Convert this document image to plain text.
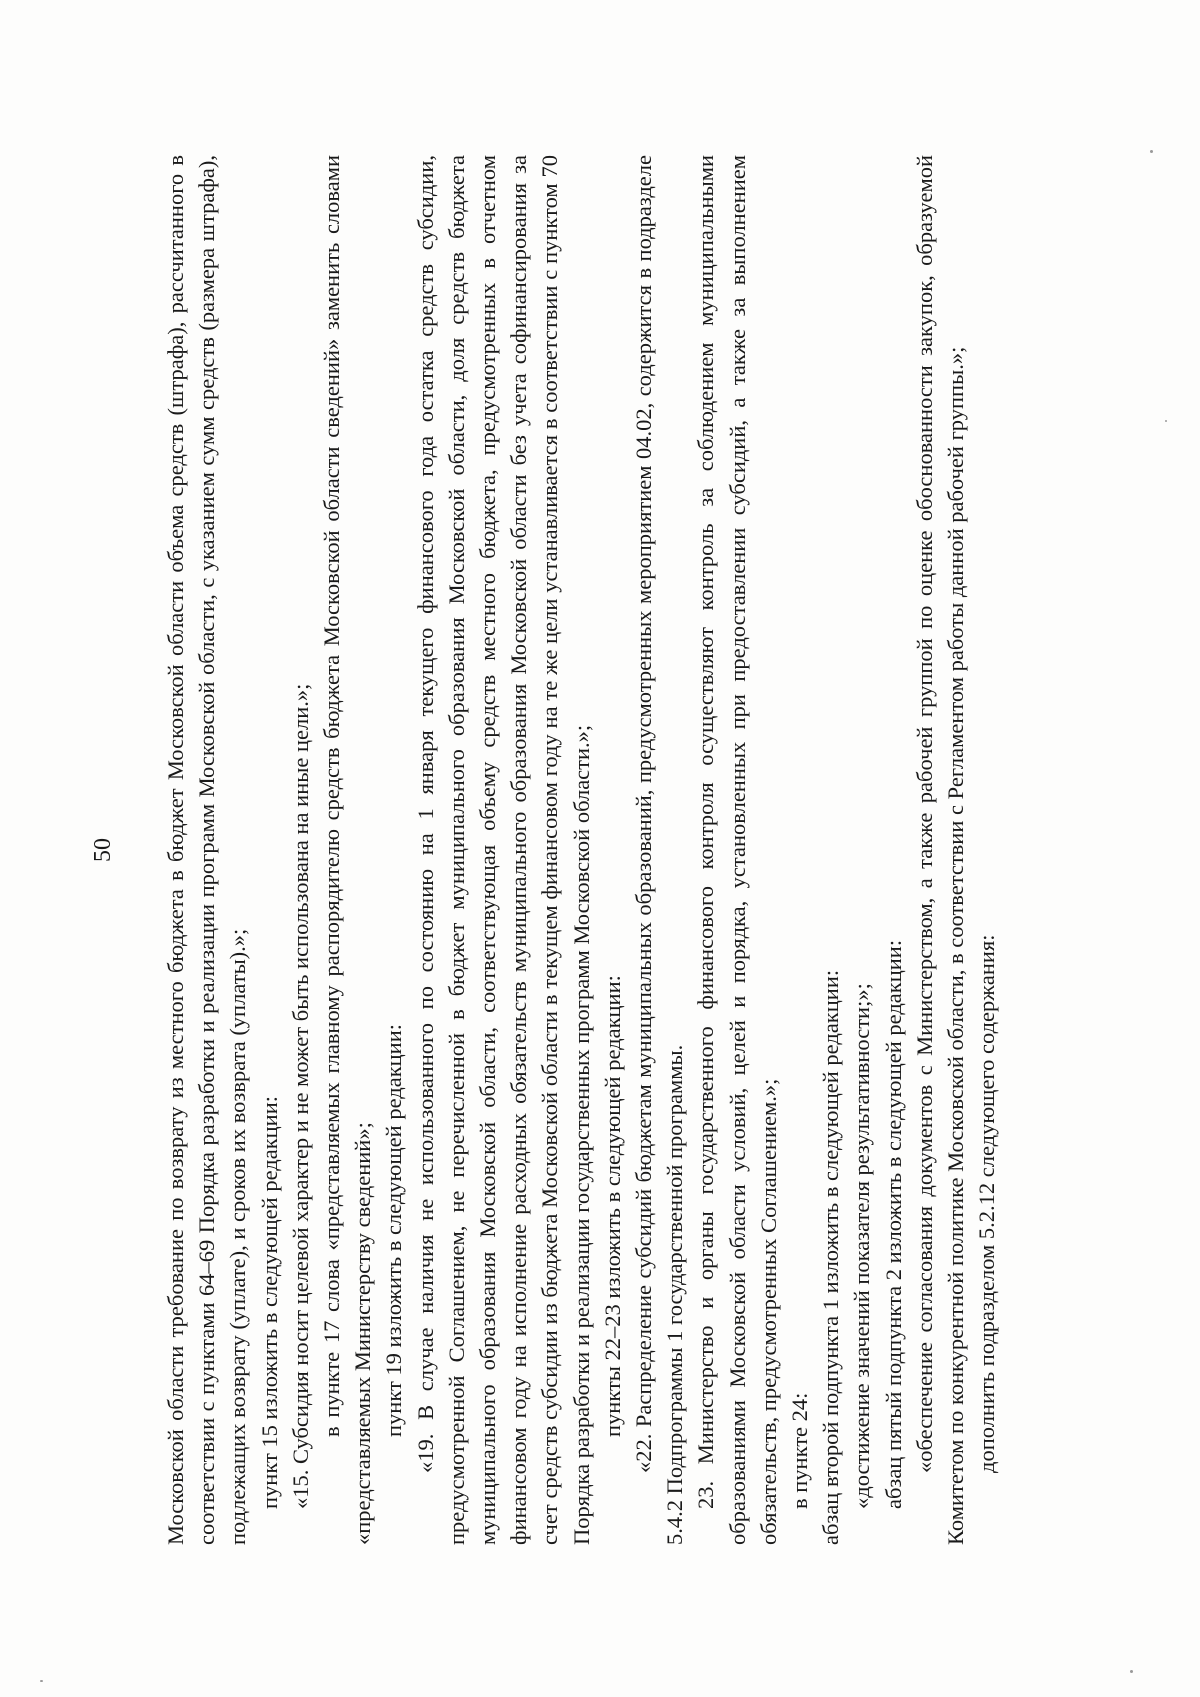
50 Московской области требование по возврату из местного бюджета в бюджет Московской области объема средств (штрафа), рассчитанного в соответствии с пунктами 64–69 Порядка разработки и реализации программ Московской области, с указанием сумм средств (размера штрафа), подлежащих возврату (уплате), и сроков их возврата (уплаты).»; пункт 15 изложить в следующей редакции: «15. Субсидия носит целевой характер и не может быть использована на иные цели.»; в пункте 17 слова «представляемых главному распорядителю средств бюджета Московской области сведений» заменить словами «представляемых Министерству сведений»; пункт 19 изложить в следующей редакции: «19. В случае наличия не использованного по состоянию на 1 января текущего финансового года остатка средств субсидии, предусмотренной Соглашением, не перечисленной в бюджет муниципального образования Московской области, доля средств бюджета муниципального образования Московской области, соответствующая объему средств местного бюджета, предусмотренных в отчетном финансовом году на исполнение расходных обязательств муниципального образования Московской области без учета софинансирования за счет средств субсидии из бюджета Московской области в текущем финансовом году на те же цели устанавливается в соответствии с пунктом 70 Порядка разработки и реализации государственных программ Московской области.»; пункты 22–23 изложить в следующей редакции: «22. Распределение субсидий бюджетам муниципальных образований, предусмотренных мероприятием 04.02, содержится в подразделе 5.4.2 Подпрограммы 1 государственной программы. 23. Министерство и органы государственного финансового контроля осуществляют контроль за соблюдением муниципальными образованиями Московской области условий, целей и порядка, установленных при предоставлении субсидий, а также за выполнением обязательств, предусмотренных Соглашением.»; в пункте 24: абзац второй подпункта 1 изложить в следующей редакции: «достижение значений показателя результативности;»; абзац пятый подпункта 2 изложить в следующей редакции: «обеспечение согласования документов с Министерством, а также рабочей группой по оценке обоснованности закупок, образуемой Комитетом по конкурентной политике Московской области, в соответствии с Регламентом работы данной рабочей группы.»; дополнить подразделом 5.2.12 следующего содержания:
